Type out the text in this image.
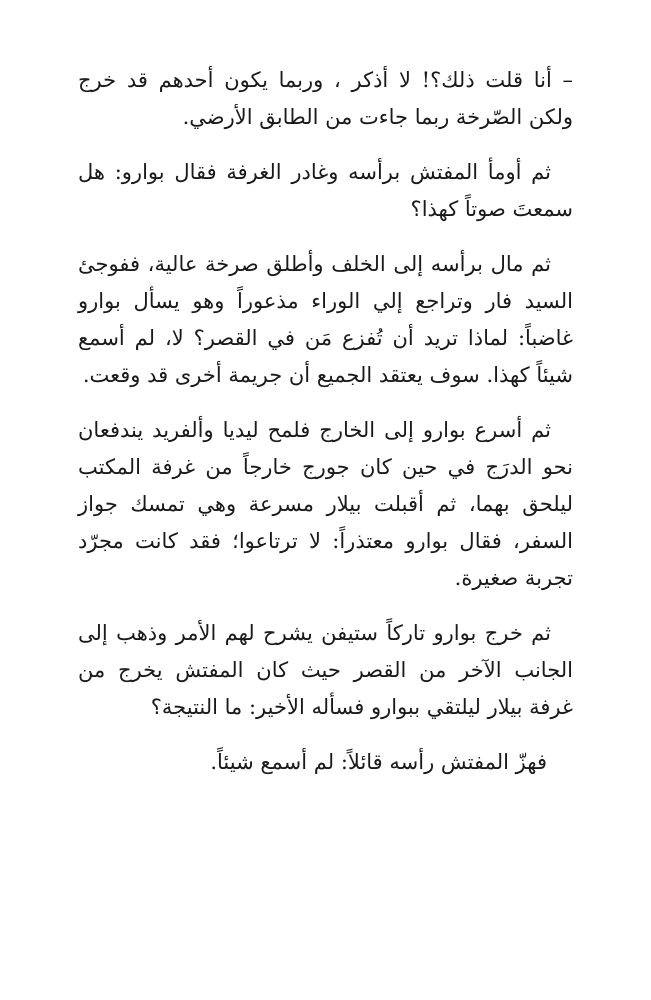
– أنا قلت ذلك؟! لا أذكر ، وربما يكون أحدهم قد خرج ولكن الصّرخة ربما جاءت من الطابق الأرضي.

ثم أومأ المفتش برأسه وغادر الغرفة فقال بوارو: هل سمعتَ صوتاً كهذا؟

ثم مال برأسه إلى الخلف وأطلق صرخة عالية، ففوجئ السيد فار وتراجع إلي الوراء مذعوراً وهو يسأل بوارو غاضباً: لماذا تريد أن تُفزع مَن في القصر؟ لا، لم أسمع شيئاً كهذا. سوف يعتقد الجميع أن جريمة أخرى قد وقعت.

ثم أسرع بوارو إلى الخارج فلمح ليديا وألفريد يندفعان نحو الدرَج في حين كان جورج خارجاً من غرفة المكتب ليلحق بهما، ثم أقبلت بيلار مسرعة وهي تمسك جواز السفر، فقال بوارو معتذراً: لا ترتاعوا؛ فقد كانت مجرّد تجربة صغيرة.

ثم خرج بوارو تاركاً ستيفن يشرح لهم الأمر وذهب إلى الجانب الآخر من القصر حيث كان المفتش يخرج من غرفة بيلار ليلتقي ببوارو فسأله الأخير: ما النتيجة؟

فهزّ المفتش رأسه قائلاً: لم أسمع شيئاً.
